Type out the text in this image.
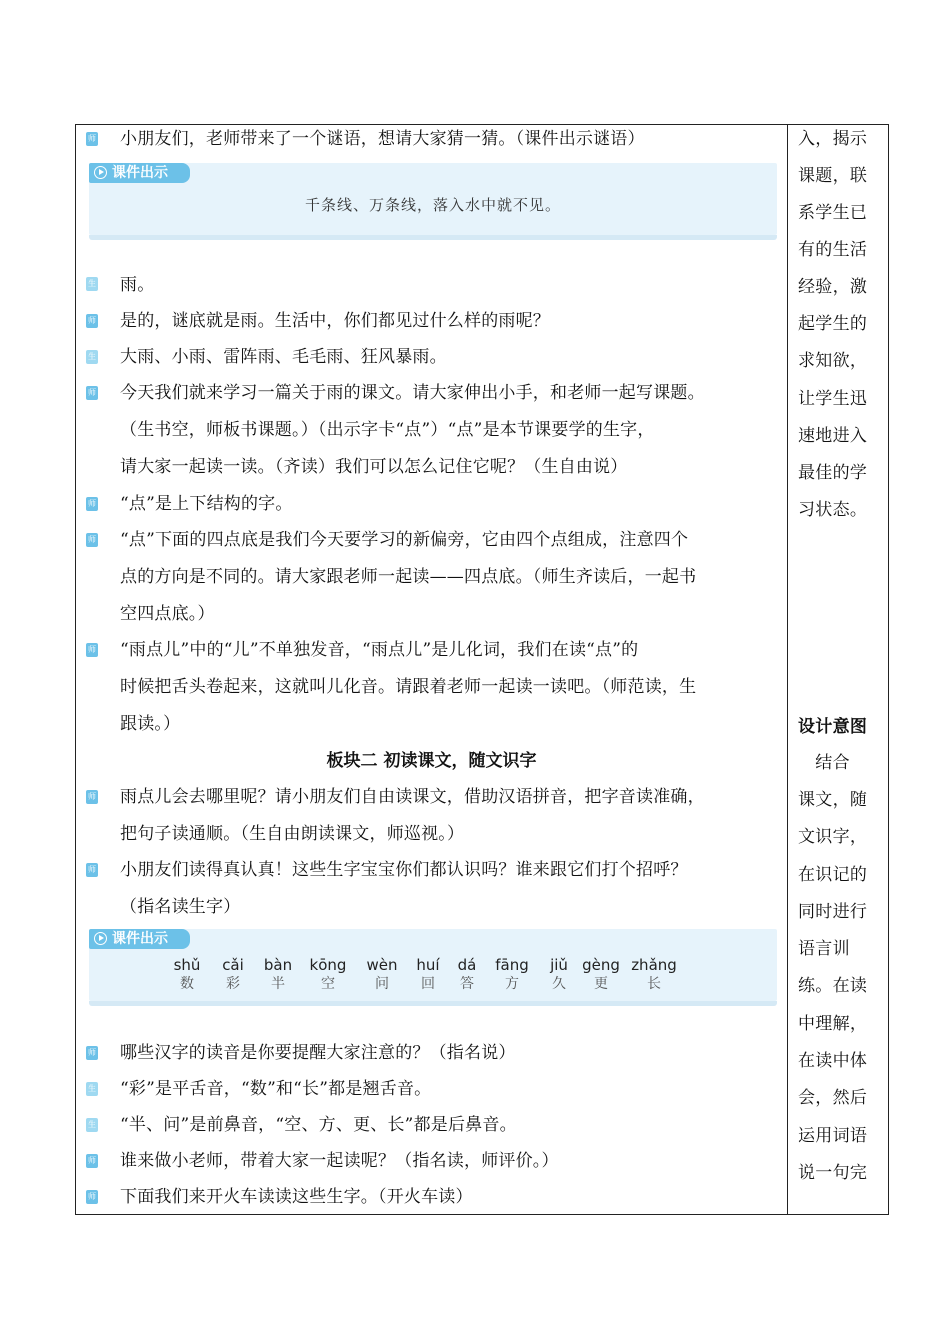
师 小朋友们，老师带来了一个谜语，想请大家猜一猜。（课件出示谜语）
课件出示
千条线、万条线，落入水中就不见。
生 雨。
师 是的，谜底就是雨。生活中，你们都见过什么样的雨呢？
生 大雨、小雨、雷阵雨、毛毛雨、狂风暴雨。
师 今天我们就来学习一篇关于雨的课文。请大家伸出小手，和老师一起写课题。
（生书空，师板书课题。）（出示字卡“点”）“点”是本节课要学的生字，
请大家一起读一读。（齐读）我们可以怎么记住它呢？（生自由说）
师 “点”是上下结构的字。
师 “点”下面的四点底是我们今天要学习的新偏旁，它由四个点组成，注意四个
点的方向是不同的。请大家跟老师一起读——四点底。（师生齐读后，一起书
空四点底。）
师 “雨点儿”中的“儿”不单独发音，“雨点儿”是儿化词，我们在读“点”的
时候把舌头卷起来，这就叫儿化音。请跟着老师一起读一读吧。（师范读，生
跟读。）
板块二 初读课文，随文识字
师 雨点儿会去哪里呢？请小朋友们自由读课文，借助汉语拼音，把字音读准确，
把句子读通顺。（生自由朗读课文，师巡视。）
师 小朋友们读得真认真！这些生字宝宝你们都认识吗？谁来跟它们打个招呼？
（指名读生字）
课件出示
shǔ
数
cǎi
彩
bàn
半
kōng
空
wèn
问
huí
回
dá
答
fāng
方
jiǔ
久
gèng
更
zhǎng
长
师 哪些汉字的读音是你要提醒大家注意的？（指名说）
生 “彩”是平舌音，“数”和“长”都是翘舌音。
生 “半、问”是前鼻音，“空、方、更、长”都是后鼻音。
师 谁来做小老师，带着大家一起读呢？（指名读，师评价。）
师 下面我们来开火车读读这些生字。（开火车读）
入，揭示
课题，联
系学生已
有的生活
经验，激
起学生的
求知欲，
让学生迅
速地进入
最佳的学
习状态。
设计意图
　结合
课文，随
文识字，
在识记的
同时进行
语言训
练。在读
中理解，
在读中体
会，然后
运用词语
说一句完
